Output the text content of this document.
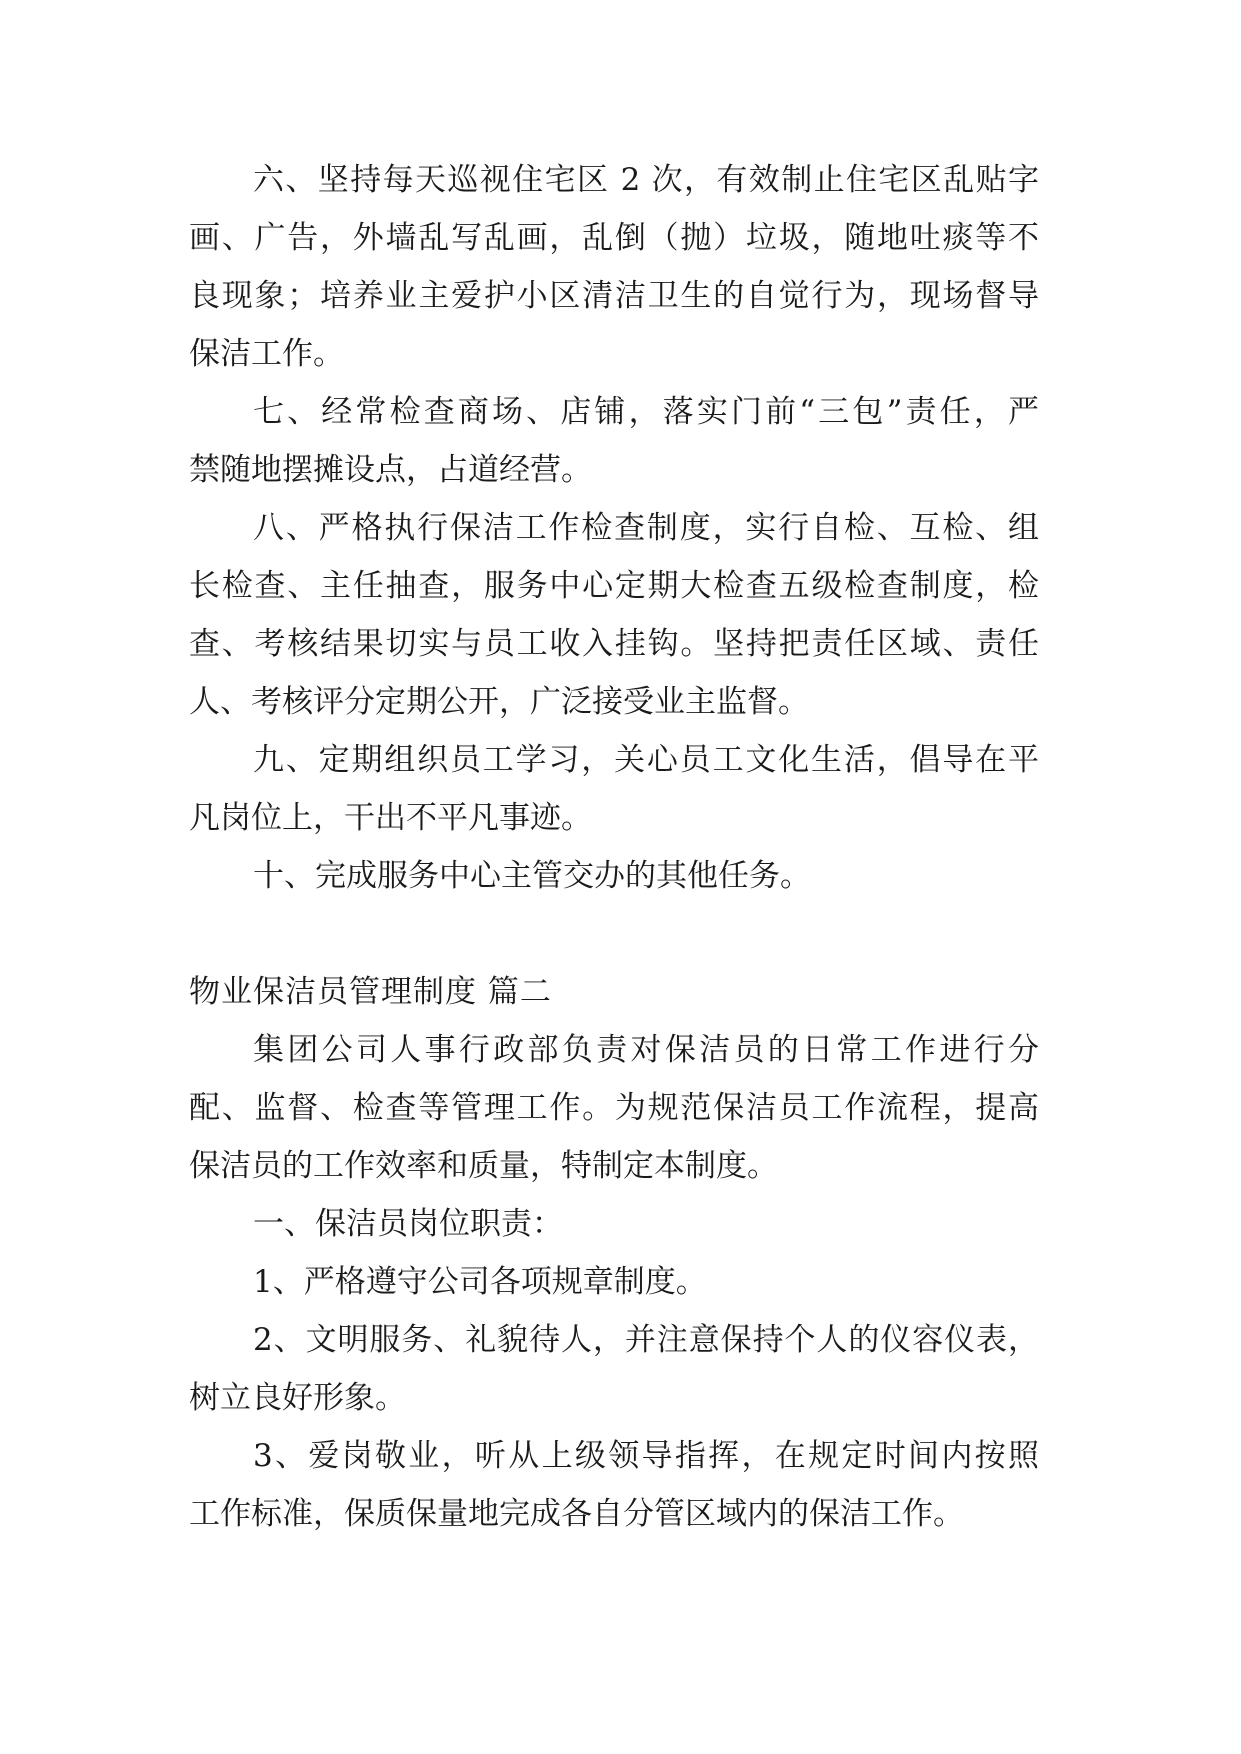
六、坚持每天巡视住宅区 2 次，有效制止住宅区乱贴字
画、广告，外墙乱写乱画，乱倒（抛）垃圾，随地吐痰等不
良现象；培养业主爱护小区清洁卫生的自觉行为，现场督导
保洁工作。
七、经常检查商场、店铺，落实门前“三包”责任，严
禁随地摆摊设点，占道经营。
八、严格执行保洁工作检查制度，实行自检、互检、组
长检查、主任抽查，服务中心定期大检查五级检查制度，检
查、考核结果切实与员工收入挂钩。坚持把责任区域、责任
人、考核评分定期公开，广泛接受业主监督。
九、定期组织员工学习，关心员工文化生活，倡导在平
凡岗位上，干出不平凡事迹。
十、完成服务中心主管交办的其他任务。
物业保洁员管理制度 篇二
集团公司人事行政部负责对保洁员的日常工作进行分
配、监督、检查等管理工作。为规范保洁员工作流程，提高
保洁员的工作效率和质量，特制定本制度。
一、保洁员岗位职责：
1、严格遵守公司各项规章制度。
2、文明服务、礼貌待人，并注意保持个人的仪容仪表，
树立良好形象。
3、爱岗敬业，听从上级领导指挥，在规定时间内按照
工作标准，保质保量地完成各自分管区域内的保洁工作。
